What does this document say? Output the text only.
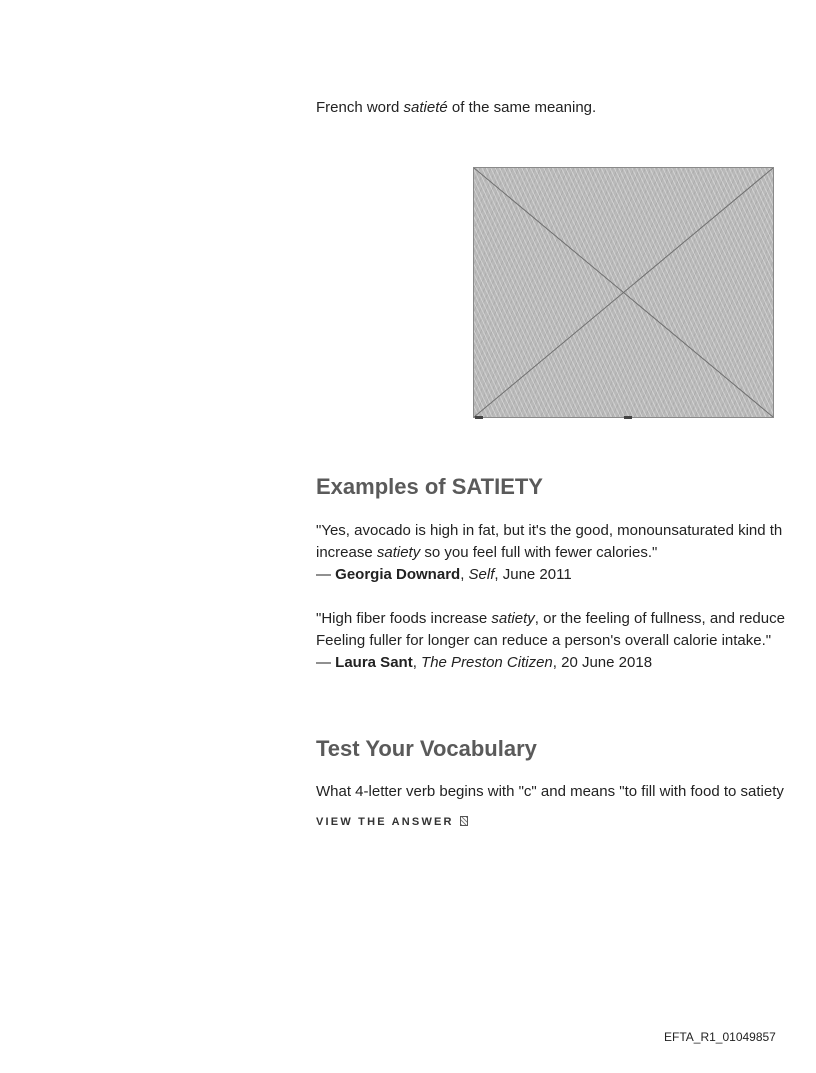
French word satieté of the same meaning.
Examples of SATIETY
"Yes, avocado is high in fat, but it's the good, monounsaturated kind th
increase satiety so you feel full with fewer calories."
— Georgia Downard, Self, June 2011
"High fiber foods increase satiety, or the feeling of fullness, and reduce
Feeling fuller for longer can reduce a person's overall calorie intake."
— Laura Sant, The Preston Citizen, 20 June 2018
Test Your Vocabulary
What 4-letter verb begins with "c" and means "to fill with food to satiety
VIEW THE ANSWER
EFTA_R1_01049857
